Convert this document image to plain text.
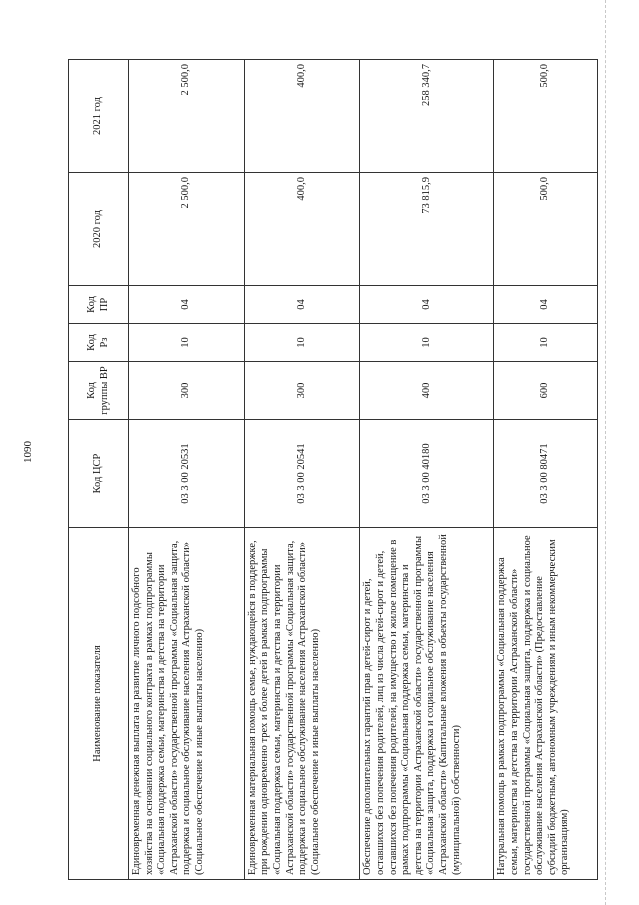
1090
Наименование показателя	Код ЦСР	Код группы ВР	Код Рз	Код ПР	2020 год	2021 год
Единовременная денежная выплата на развитие личного подсобного хозяйства на основании социального контракта в рамках подпрограммы «Социальная поддержка семьи, материнства и детства на территории Астраханской области» государственной программы «Социальная защита, поддержка и социальное обслуживание населения Астраханской области» (Социальное обеспечение и иные выплаты населению)	03 3 00 20531	300	10	04	2 500,0	2 500,0
Единовременная материальная помощь семье, нуждающейся в поддержке, при рождении одновременно трех и более детей в рамках подпрограммы «Социальная поддержка семьи, материнства и детства на территории Астраханской области» государственной программы «Социальная защита, поддержка и социальное обслуживание населения Астраханской области» (Социальное обеспечение и иные выплаты населению)	03 3 00 20541	300	10	04	400,0	400,0
Обеспечение дополнительных гарантий прав детей-сирот и детей, оставшихся без попечения родителей, лиц из числа детей-сирот и детей, оставшихся без попечения родителей, на имущество и жилое помещение в рамках подпрограммы «Социальная поддержка семьи, материнства и детства на территории Астраханской области» государственной программы «Социальная защита, поддержка и социальное обслуживание населения Астраханской области» (Капитальные вложения в объекты государственной (муниципальной) собственности)	03 3 00 40180	400	10	04	73 815,9	258 340,7
Натуральная помощь в рамках подпрограммы «Социальная поддержка семьи, материнства и детства на территории Астраханской области» государственной программы «Социальная защита, поддержка и социальное обслуживание населения Астраханской области» (Предоставление субсидий бюджетным, автономным учреждениям и иным некоммерческим организациям)	03 3 00 80471	600	10	04	500,0	500,0
